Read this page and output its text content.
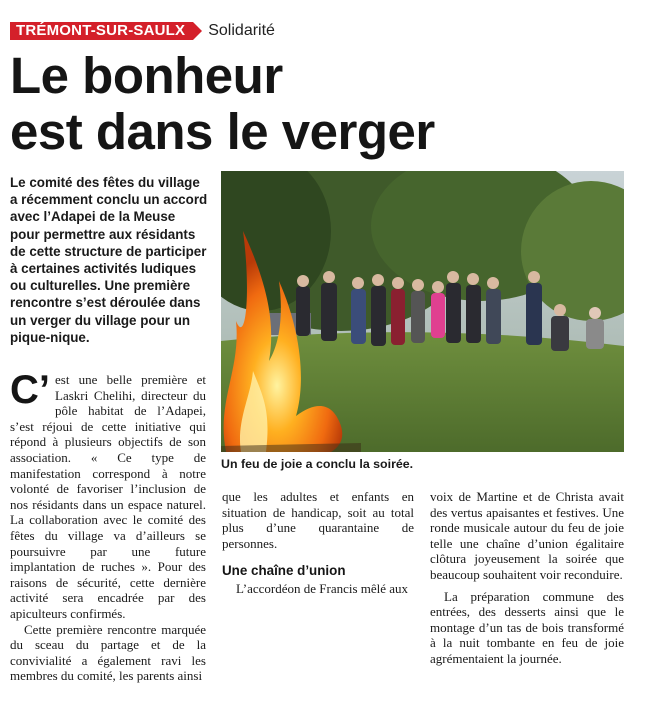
TRÉMONT-SUR-SAULX	Solidarité
Le bonheur
est dans le verger
Le comité des fêtes du village a récemment conclu un accord avec l’Adapei de la Meuse pour permettre aux résidants de cette structure de participer à certaines activités ludiques ou culturelles. Une première rencontre s’est déroulée dans un verger du village pour un pique-nique.

C’ est une belle première et Laskri Chelihi, directeur du pôle habitat de l’Adapei, s’est réjoui de cette initiative qui répond à plusieurs objectifs de son association. « Ce type de manifestation correspond à notre volonté de favoriser l’inclusion de nos résidants dans un espace naturel. La collaboration avec le comité des fêtes du village va d’ailleurs se poursuivre par une future implantation de ruches ». Pour des raisons de sécurité, cette dernière activité sera encadrée par des apiculteurs confirmés.

Cette première rencontre marquée du sceau du partage et de la convivialité a également ravi les membres du comité, les parents ainsi

Un feu de joie a conclu la soirée.

que les adultes et enfants en situation de handicap, soit au total plus d’une quarantaine de personnes.

Une chaîne d’union

L’accordéon de Francis mêlé aux

voix de Martine et de Christa avait des vertus apaisantes et festives. Une ronde musicale autour du feu de joie telle une chaîne d’union égalitaire clôtura joyeusement la soirée que beaucoup souhaitent voir reconduire.

La préparation commune des entrées, des desserts ainsi que le montage d’un tas de bois transformé à la nuit tombante en feu de joie agrémentaient la journée.
